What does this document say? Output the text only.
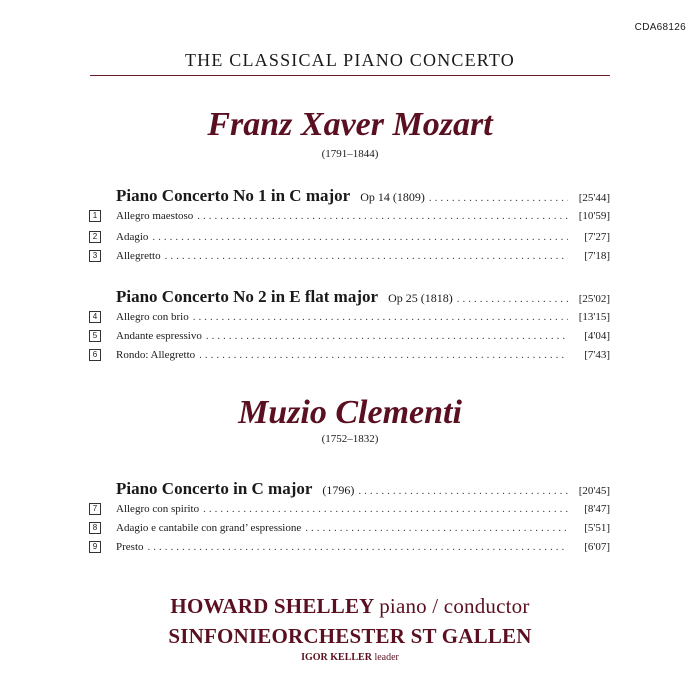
CDA68126
THE CLASSICAL PIANO CONCERTO
Franz Xaver Mozart
(1791–1844)
Piano Concerto No 1 in C major Op 14 (1809) .....	[25'44]
1	Allegro maestoso .....	[10'59]
2	Adagio .....	[7'27]
3	Allegretto .....	[7'18]
Piano Concerto No 2 in E flat major Op 25 (1818) .....	[25'02]
4	Allegro con brio .....	[13'15]
5	Andante espressivo .....	[4'04]
6	Rondo: Allegretto .....	[7'43]
Muzio Clementi
(1752–1832)
Piano Concerto in C major (1796) .....	[20'45]
7	Allegro con spirito .....	[8'47]
8	Adagio e cantabile con grand’ espressione .....	[5'51]
9	Presto .....	[6'07]
HOWARD SHELLEY piano / conductor
SINFONIEORCHESTER ST GALLEN
IGOR KELLER leader
